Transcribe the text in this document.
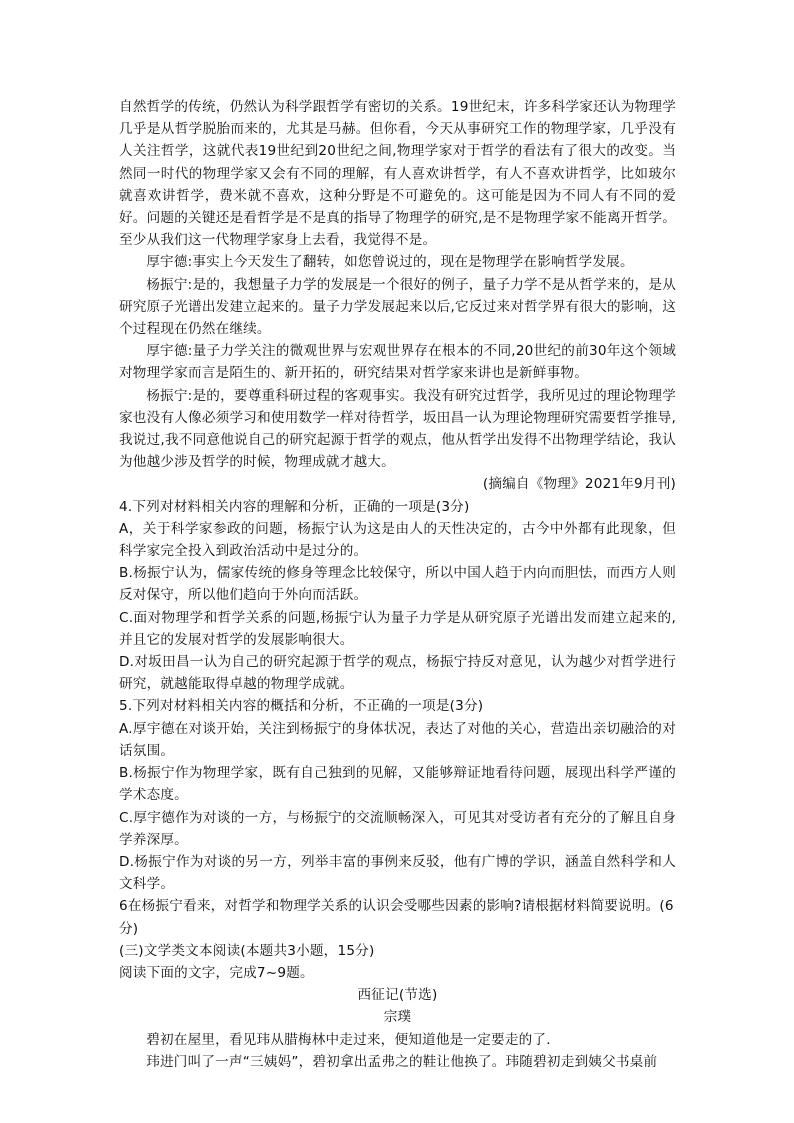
自然哲学的传统，仍然认为科学跟哲学有密切的关系。19世纪末，许多科学家还认为物理学几乎是从哲学脱胎而来的，尤其是马赫。但你看，今天从事研究工作的物理学家，几乎没有人关注哲学，这就代表19世纪到20世纪之间,物理学家对于哲学的看法有了很大的改变。当然同一时代的物理学家又会有不同的理解，有人喜欢讲哲学，有人不喜欢讲哲学，比如玻尔就喜欢讲哲学，费米就不喜欢，这种分野是不可避免的。这可能是因为不同人有不同的爱好。问题的关键还是看哲学是不是真的指导了物理学的研究,是不是物理学家不能离开哲学。至少从我们这一代物理学家身上去看，我觉得不是。

厚宇德:事实上今天发生了翻转，如您曾说过的，现在是物理学在影响哲学发展。

杨振宁:是的，我想量子力学的发展是一个很好的例子，量子力学不是从哲学来的，是从研究原子光谱出发建立起来的。量子力学发展起来以后,它反过来对哲学界有很大的影响，这个过程现在仍然在继续。

厚宇德:量子力学关注的微观世界与宏观世界存在根本的不同,20世纪的前30年这个领域对物理学家而言是陌生的、新开拓的，研究结果对哲学家来讲也是新鲜事物。

杨振宁:是的，要尊重科研过程的客观事实。我没有研究过哲学，我所见过的理论物理学家也没有人像必须学习和使用数学一样对待哲学，坂田昌一认为理论物理研究需要哲学推导,我说过,我不同意他说自己的研究起源于哲学的观点，他从哲学出发得不出物理学结论，我认为他越少涉及哲学的时候，物理成就才越大。

(摘编自《物理》2021年9月刊)

4.下列对材料相关内容的理解和分析，正确的一项是(3分)

A，关于科学家参政的问题，杨振宁认为这是由人的天性决定的，古今中外都有此现象，但科学家完全投入到政治活动中是过分的。

B.杨振宁认为，儒家传统的修身等理念比较保守，所以中国人趋于内向而胆怯，而西方人则反对保守，所以他们趋向于外向而活跃。

C.面对物理学和哲学关系的问题,杨振宁认为量子力学是从研究原子光谱出发而建立起来的,并且它的发展对哲学的发展影响很大。

D.对坂田昌一认为自己的研究起源于哲学的观点，杨振宁持反对意见，认为越少对哲学进行研究，就越能取得卓越的物理学成就。

5.下列对材料相关内容的概括和分析，不正确的一项是(3分)

A.厚宇德在对谈开始，关注到杨振宁的身体状况，表达了对他的关心，营造出亲切融洽的对话氛围。

B.杨振宁作为物理学家，既有自己独到的见解，又能够辩证地看待问题，展现出科学严谨的学术态度。

C.厚宇德作为对谈的一方，与杨振宁的交流顺畅深入，可见其对受访者有充分的了解且自身学养深厚。

D.杨振宁作为对谈的另一方，列举丰富的事例来反驳，他有广博的学识，涵盖自然科学和人文科学。

6在杨振宁看来，对哲学和物理学关系的认识会受哪些因素的影响?请根据材料简要说明。(6分)

(三)文学类文本阅读(本题共3小题，15分)

阅读下面的文字，完成7~9题。

西征记(节选)

宗璞

碧初在屋里，看见玮从腊梅林中走过来，便知道他是一定要走的了.

玮进门叫了一声“三姨妈”，碧初拿出孟弗之的鞋让他换了。玮随碧初走到姨父书桌前
